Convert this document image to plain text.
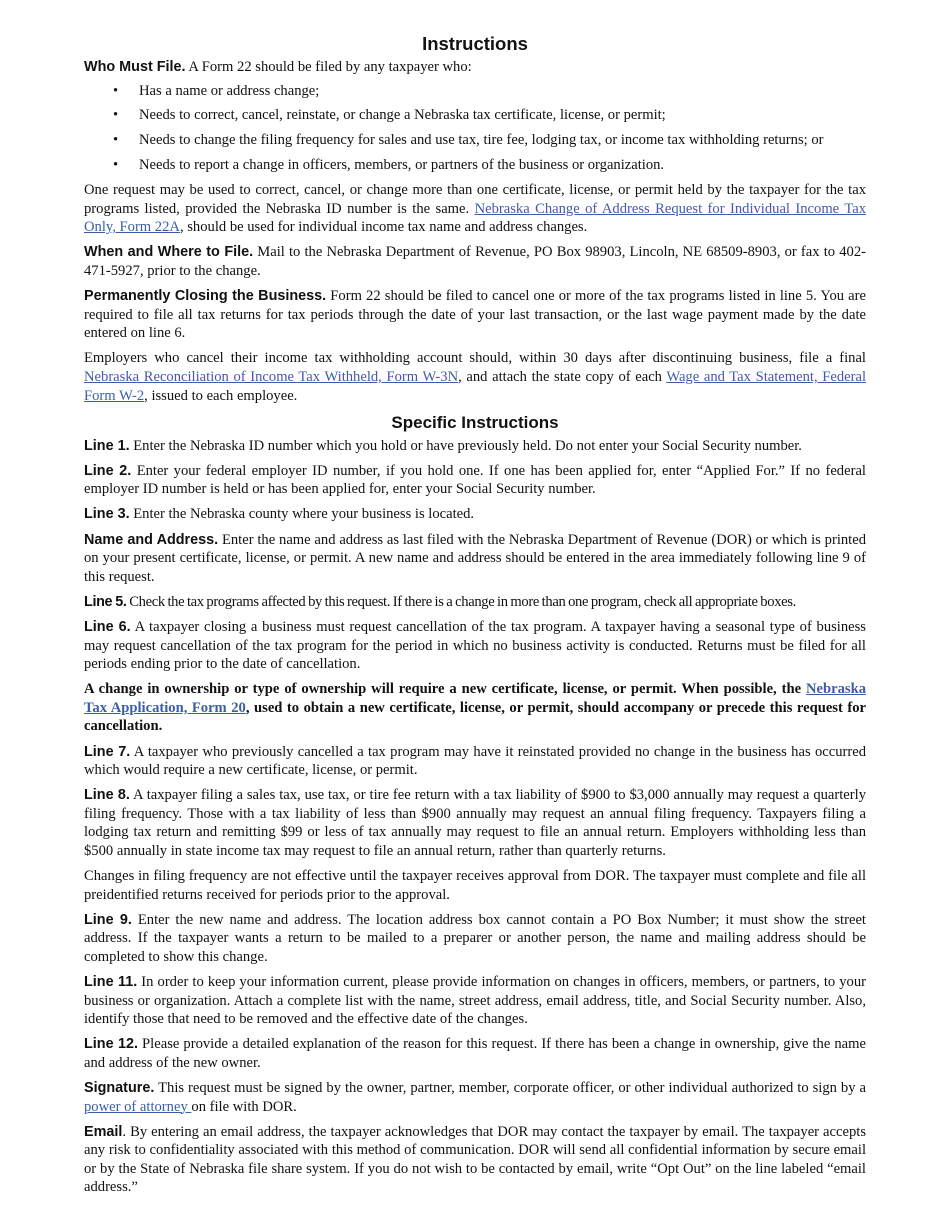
Instructions

Who Must File. A Form 22 should be filed by any taxpayer who:

• Has a name or address change;
• Needs to correct, cancel, reinstate, or change a Nebraska tax certificate, license, or permit;
• Needs to change the filing frequency for sales and use tax, tire fee, lodging tax, or income tax withholding returns; or
• Needs to report a change in officers, members, or partners of the business or organization.

One request may be used to correct, cancel, or change more than one certificate, license, or permit held by the taxpayer for the tax programs listed, provided the Nebraska ID number is the same. Nebraska Change of Address Request for Individual Income Tax Only, Form 22A, should be used for individual income tax name and address changes.

When and Where to File. Mail to the Nebraska Department of Revenue, PO Box 98903, Lincoln, NE 68509-8903, or fax to 402-471-5927, prior to the change.

Permanently Closing the Business. Form 22 should be filed to cancel one or more of the tax programs listed in line 5. You are required to file all tax returns for tax periods through the date of your last transaction, or the last wage payment made by the date entered on line 6.

Employers who cancel their income tax withholding account should, within 30 days after discontinuing business, file a final Nebraska Reconciliation of Income Tax Withheld, Form W-3N, and attach the state copy of each Wage and Tax Statement, Federal Form W-2, issued to each employee.

Specific Instructions

Line 1. Enter the Nebraska ID number which you hold or have previously held. Do not enter your Social Security number.

Line 2. Enter your federal employer ID number, if you hold one. If one has been applied for, enter “Applied For.” If no federal employer ID number is held or has been applied for, enter your Social Security number.

Line 3. Enter the Nebraska county where your business is located.

Name and Address. Enter the name and address as last filed with the Nebraska Department of Revenue (DOR) or which is printed on your present certificate, license, or permit. A new name and address should be entered in the area immediately following line 9 of this request.

Line 5. Check the tax programs affected by this request. If there is a change in more than one program, check all appropriate boxes.

Line 6. A taxpayer closing a business must request cancellation of the tax program. A taxpayer having a seasonal type of business may request cancellation of the tax program for the period in which no business activity is conducted. Returns must be filed for all periods ending prior to the date of cancellation.

A change in ownership or type of ownership will require a new certificate, license, or permit. When possible, the Nebraska Tax Application, Form 20, used to obtain a new certificate, license, or permit, should accompany or precede this request for cancellation.

Line 7. A taxpayer who previously cancelled a tax program may have it reinstated provided no change in the business has occurred which would require a new certificate, license, or permit.

Line 8. A taxpayer filing a sales tax, use tax, or tire fee return with a tax liability of $900 to $3,000 annually may request a quarterly filing frequency. Those with a tax liability of less than $900 annually may request an annual filing frequency. Taxpayers filing a lodging tax return and remitting $99 or less of tax annually may request to file an annual return. Employers withholding less than $500 annually in state income tax may request to file an annual return, rather than quarterly returns.

Changes in filing frequency are not effective until the taxpayer receives approval from DOR. The taxpayer must complete and file all preidentified returns received for periods prior to the approval.

Line 9. Enter the new name and address. The location address box cannot contain a PO Box Number; it must show the street address. If the taxpayer wants a return to be mailed to a preparer or another person, the name and mailing address should be completed to show this change.

Line 11. In order to keep your information current, please provide information on changes in officers, members, or partners, to your business or organization. Attach a complete list with the name, street address, email address, title, and Social Security number. Also, identify those that need to be removed and the effective date of the changes.

Line 12. Please provide a detailed explanation of the reason for this request. If there has been a change in ownership, give the name and address of the new owner.

Signature. This request must be signed by the owner, partner, member, corporate officer, or other individual authorized to sign by a power of attorney on file with DOR.

Email. By entering an email address, the taxpayer acknowledges that DOR may contact the taxpayer by email. The taxpayer accepts any risk to confidentiality associated with this method of communication. DOR will send all confidential information by secure email or by the State of Nebraska file share system. If you do not wish to be contacted by email, write “Opt Out” on the line labeled “email address.”
